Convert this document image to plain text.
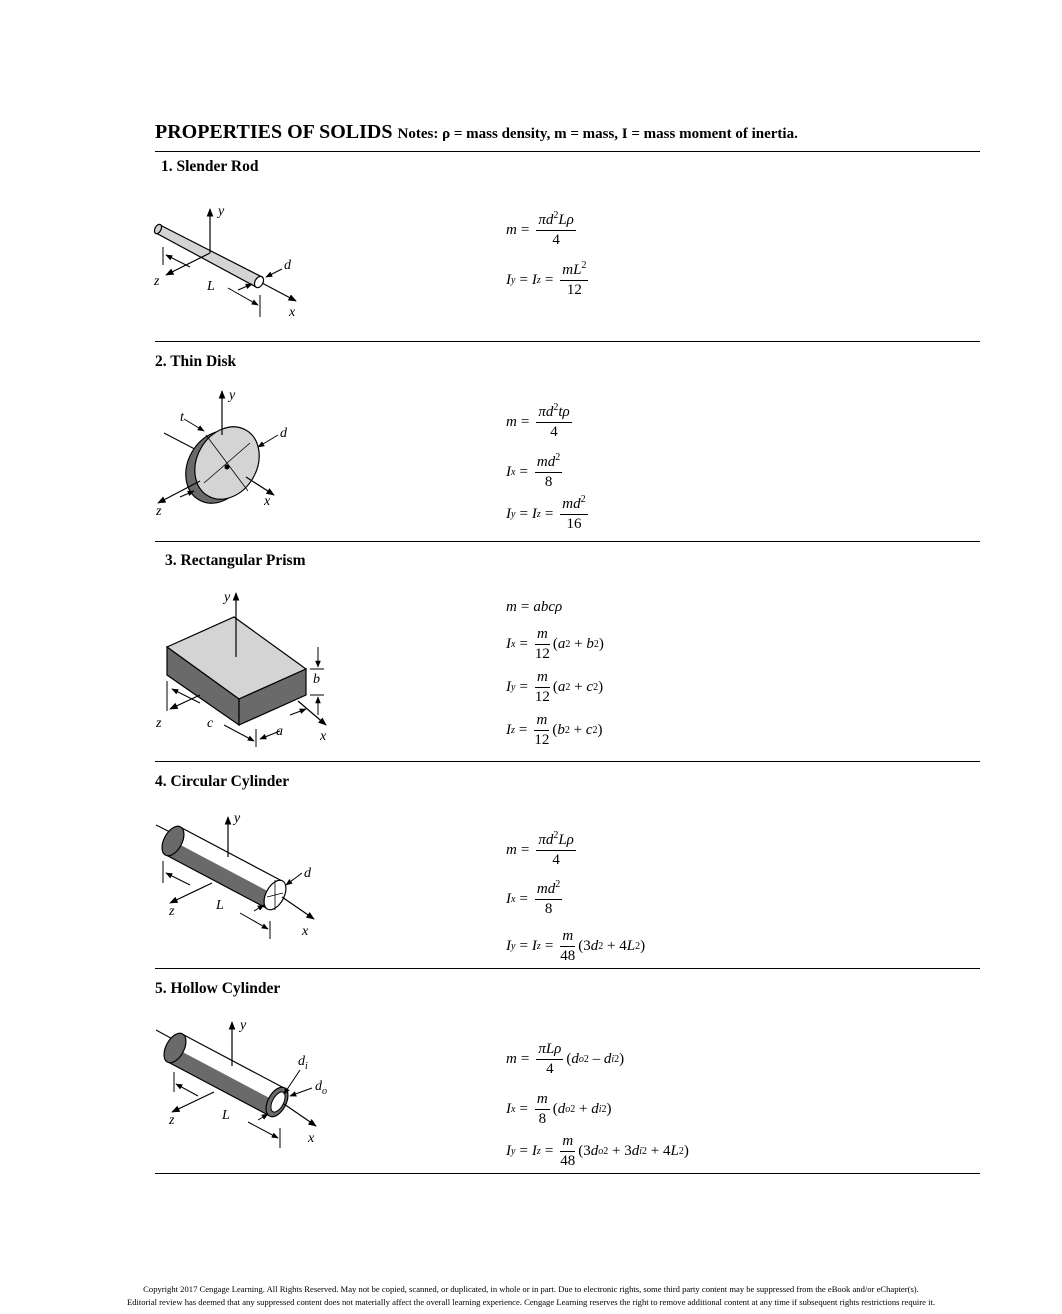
PROPERTIES OF SOLIDS Notes: ρ = mass density, m = mass, I = mass moment of inertia.
1. Slender Rod
y
x
z	L
d
$m = \frac{\pi d^2L\rho}{4}$
I y = I $z = \frac{mL^2}{12}$
2. Thin Disk
y
x
z
t
d
$m = \frac{\pi d^2t\rho}{4}$
I $x = \frac{md^2}{8}$
I y = I $z = \frac{md^2}{16}$
3. Rectangular Prism
y
z	c
a	x
b
m = abcρ
I $x = \frac{m}{12}$ ( a 2 + b 2 )
I $y = \frac{m}{12}$ ( a 2 + c 2 )
I $z = \frac{m}{12}$ ( b 2 + c 2 )
4. Circular Cylinder
y
x
z	L
d
$m = \frac{\pi d^2L\rho}{4}$
I $x = \frac{md^2}{8}$
I y = I $z = \frac{m}{48} (3$ d 2 + 4 L 2 )
5. Hollow Cylinder
y
x
z	L
$d_i$
$d_o$
$m = \frac{\text{πLρ}}{4}$ ( d o 2 – d i 2 )
I $x = \frac{m}{8}$ ( d o 2 + d i 2 )
I y = I $z = \frac{m}{48} (3$ d o 2 + 3 d i 2 + 4 L 2 )
Copyright 2017 Cengage Learning. All Rights Reserved. May not be copied, scanned, or duplicated, in whole or in part. Due to electronic rights, some third party content may be suppressed from the eBook and/or eChapter(s).
Editorial review has deemed that any suppressed content does not materially affect the overall learning experience. Cengage Learning reserves the right to remove additional content at any time if subsequent rights restrictions require it.
